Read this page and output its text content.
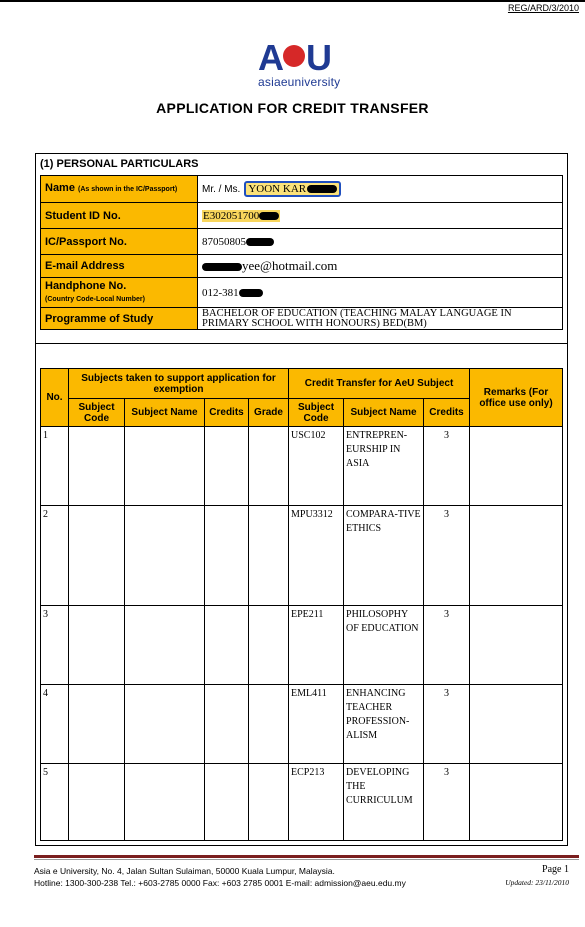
REG/ARD/3/2010
A U
asiaeuniversity
APPLICATION FOR CREDIT TRANSFER
(1) PERSONAL PARTICULARS
Name (As shown in the IC/Passport)	Mr. / Ms. YOON KAR
Student ID No.	E302051700
IC/Passport No.	87050805
E-mail Address	yee@hotmail.com
Handphone No.
(Country Code-Local Number)	012-381
Programme of Study	BACHELOR OF EDUCATION (TEACHING MALAY LANGUAGE IN PRIMARY SCHOOL WITH HONOURS) BED(BM)
No.	Subjects taken to support application for exemption				Credit Transfer for AeU Subject			Remarks (For office use only)
	Subject Code	Subject Name	Credits	Grade	Subject Code	Subject Name	Credits	
1					USC102	ENTREPREN-EURSHIP IN ASIA	3	
2					MPU3312	COMPARA-TIVE ETHICS	3	
3					EPE211	PHILOSOPHY OF EDUCATION	3	
4					EML411	ENHANCING TEACHER PROFESSION-ALISM	3	
5					ECP213	DEVELOPING THE CURRICULUM	3	
Asia e University, No. 4, Jalan Sultan Sulaiman, 50000 Kuala Lumpur, Malaysia.
Hotline: 1300-300-238 Tel.: +603-2785 0000 Fax: +603 2785 0001 E-mail: admission@aeu.edu.my
Page 1
Updated: 23/11/2010
